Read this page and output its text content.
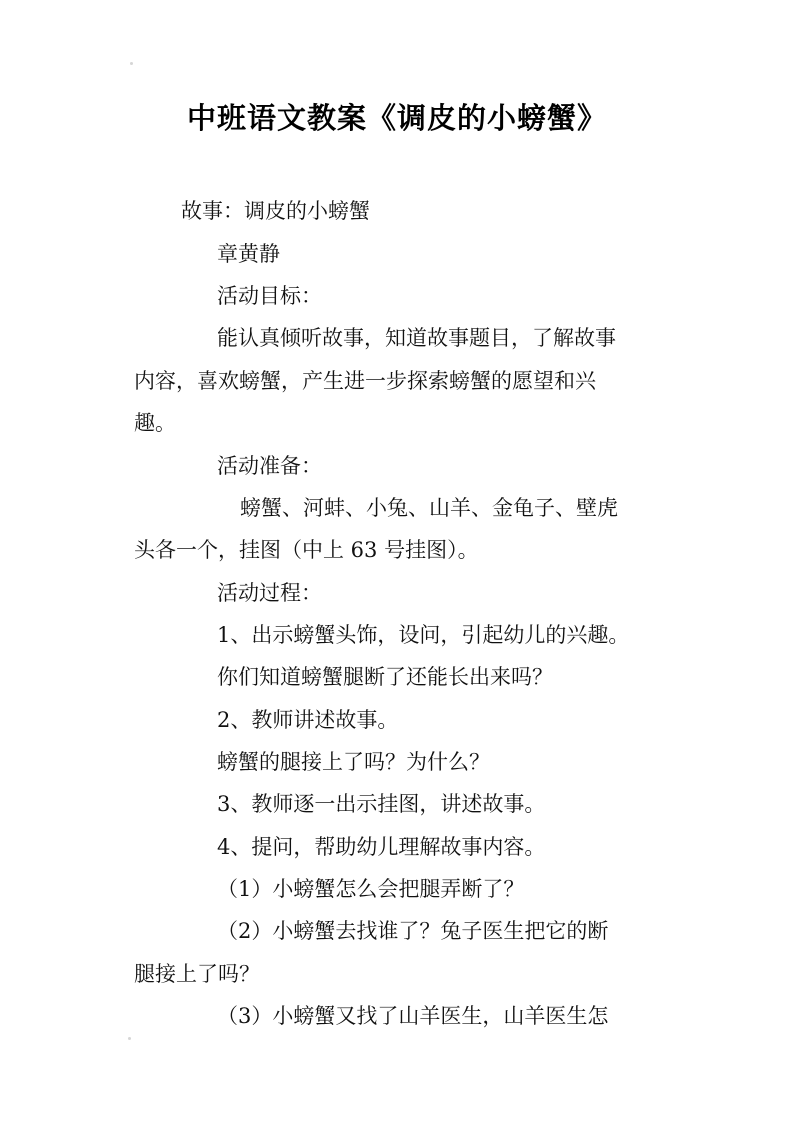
中班语文教案《调皮的小螃蟹》
故事：调皮的小螃蟹
章黄静
活动目标：
能认真倾听故事，知道故事题目，了解故事
内容，喜欢螃蟹，产生进一步探索螃蟹的愿望和兴
趣。
活动准备：
螃蟹、河蚌、小兔、山羊、金龟子、壁虎
头各一个，挂图（中上 63 号挂图）。
活动过程：
1、出示螃蟹头饰，设问，引起幼儿的兴趣。
你们知道螃蟹腿断了还能长出来吗？
2、教师讲述故事。
螃蟹的腿接上了吗？为什么？
3、教师逐一出示挂图，讲述故事。
4、提问，帮助幼儿理解故事内容。
（1）小螃蟹怎么会把腿弄断了？
（2）小螃蟹去找谁了？兔子医生把它的断
腿接上了吗？
（3）小螃蟹又找了山羊医生，山羊医生怎
